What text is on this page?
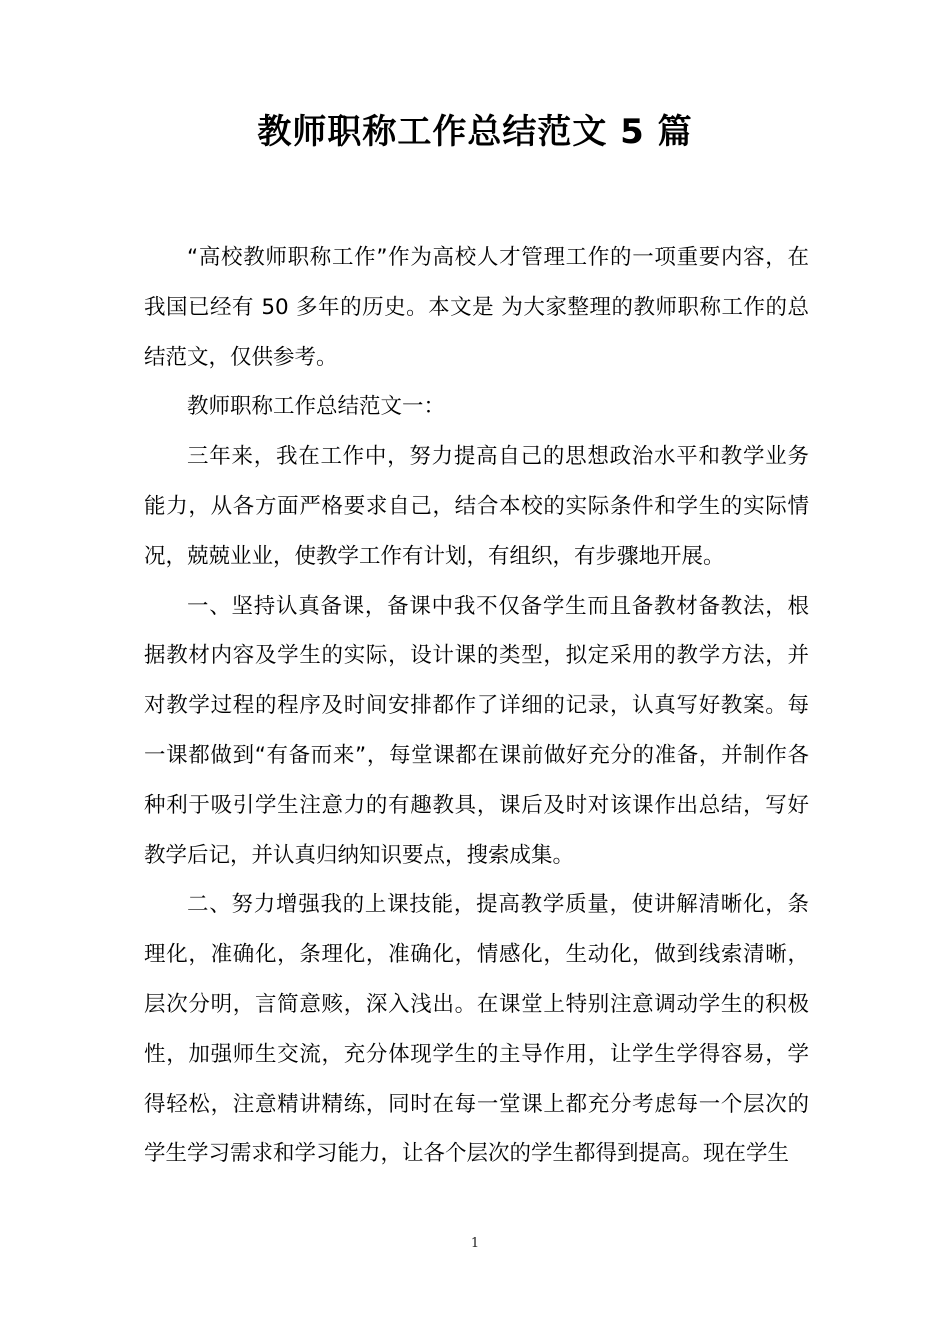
教师职称工作总结范文 5 篇

“高校教师职称工作”作为高校人才管理工作的一项重要内容，在我国已经有 50 多年的历史。本文是 为大家整理的教师职称工作的总结范文，仅供参考。

教师职称工作总结范文一：

三年来，我在工作中，努力提高自己的思想政治水平和教学业务能力，从各方面严格要求自己，结合本校的实际条件和学生的实际情况，兢兢业业，使教学工作有计划，有组织，有步骤地开展。

一、坚持认真备课，备课中我不仅备学生而且备教材备教法，根据教材内容及学生的实际，设计课的类型，拟定采用的教学方法，并对教学过程的程序及时间安排都作了详细的记录，认真写好教案。每一课都做到“有备而来”，每堂课都在课前做好充分的准备，并制作各种利于吸引学生注意力的有趣教具，课后及时对该课作出总结，写好教学后记，并认真归纳知识要点，搜索成集。

二、努力增强我的上课技能，提高教学质量，使讲解清晰化，条理化，准确化，条理化，准确化，情感化，生动化，做到线索清晰，层次分明，言简意赅，深入浅出。在课堂上特别注意调动学生的积极性，加强师生交流，充分体现学生的主导作用，让学生学得容易，学得轻松，注意精讲精练，同时在每一堂课上都充分考虑每一个层次的学生学习需求和学习能力，让各个层次的学生都得到提高。现在学生

1
